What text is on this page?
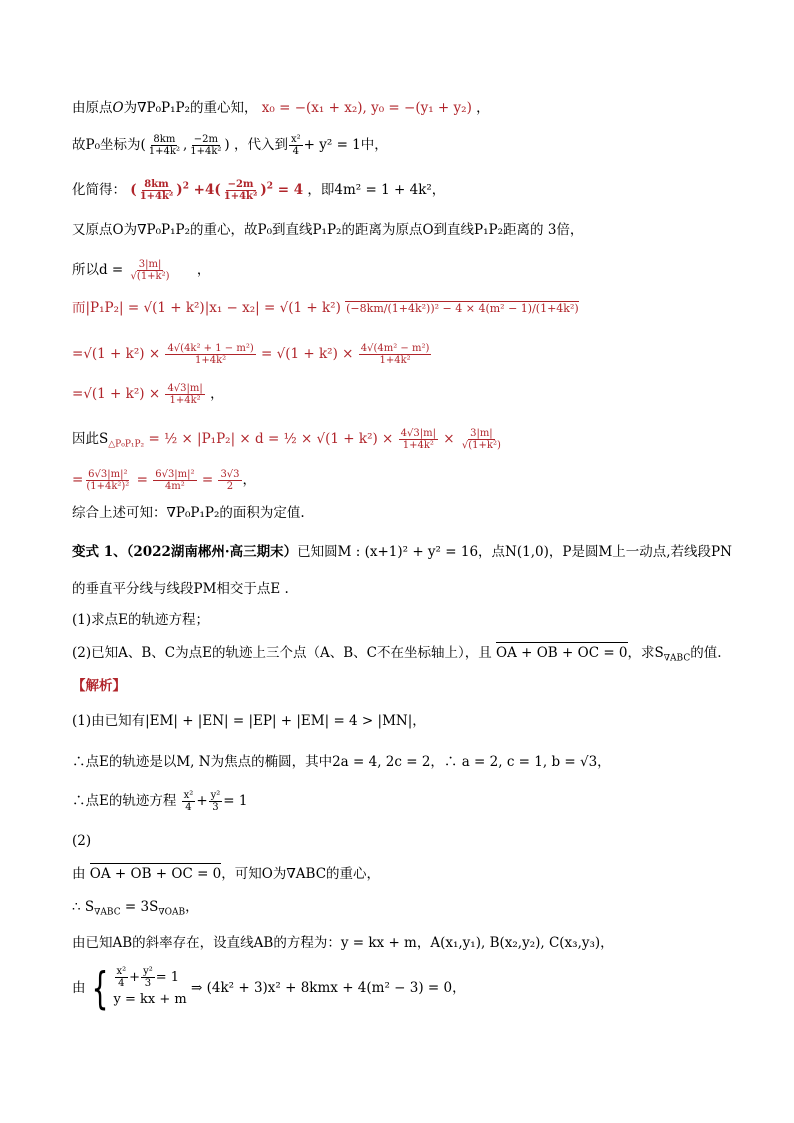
由原点O为∇P₀P₁P₂的重心知， x₀ = −(x₁ + x₂), y₀ = −(y₁ + y₂) ，
故P₀坐标为( $\frac{8km}{\text{1+4k²}}$ , $\frac{-2m}{\text{1+4k²}}$ ) ，代入到 $\frac{\text{x²}}{4} + y^2 = 1$中，
化简得： ( $\frac{8km}{\text{1+4k²}} )^2 +4( \frac{-2m}{\text{1+4k²}} )^2 = 4$ ，即4m² = 1 + 4k²，
又原点O为∇P₀P₁P₂的重心，故P₀到直线P₁P₂的距离为原点O到直线P₁P₂距离的 3倍，
所以$d = \frac{3|m|}{\text{√(1+k²)}}$ ，
而|P₁P₂| = √(1 + k²)|x₁ − x₂| = √(1 + k²) (−8km/(1+4k²))² − 4 × 4(m² − 1)/(1+4k²)
$=√(1 + k^2) \times \frac{\text{4√(4k² + 1 − m²)}}{\text{1+4k²}} = √(1 + k^2) \times \frac{\text{4√(4m² − m²)}}{\text{1+4k²}}$
$=√(1 + k^2) \times \frac{4√3|m|}{\text{1+4k²}}$ ，
因此$S_{\triangle P_0P_1P_2}$ = ½ × |P₁P₂| × d = ½ × $√(1 + k^2) \times \frac{4√3|m|}{\text{1+4k²}} \times \frac{3|m|}{\text{√(1+k²)}}$
= $\frac{\text{6√3|m|²}}{\text{(1+4k²)²}} = \frac{\text{6√3|m|²}}{\text{4m²}} = \frac{3√3}{2}$ ，
综合上述可知：∇P₀P₁P₂的面积为定值.
变式 1、（2022湖南郴州·高三期末）已知圆M : (x+1)² + y² = 16，点N(1,0)，P是圆M上一动点,若线段PN
的垂直平分线与线段PM相交于点E .
(1)求点E的轨迹方程；
(2)已知A、B、C为点E的轨迹上三个点（A、B、C不在坐标轴上），且 OA + OB + OC = 0，求$S_{\nabla ABC}$的值.
【解析】
(1)由已知有|EM| + |EN| = |EP| + |EM| = 4 > |MN|，
∴点E的轨迹是以M, N为焦点的椭圆，其中2a = 4, 2c = 2，∴ a = 2, c = 1, b = √3，
∴点E的轨迹方程 $\frac{\text{x²}}{4} + \frac{\text{y²}}{3} = 1$
(2)
由 OA + OB + OC = 0，可知O为∇ABC的重心，
∴ $S_{\nabla ABC} = 3S_{\nabla OAB}$，
由已知AB的斜率存在，设直线AB的方程为：y = kx + m，A(x₁,y₁), B(x₂,y₂), C(x₃,y₃)，
由 { $\frac{\text{x²}}{4} + \frac{\text{y²}}{3} = 1$
y = kx + m
⇒ (4k² + 3)x² + 8kmx + 4(m² − 3) = 0，
